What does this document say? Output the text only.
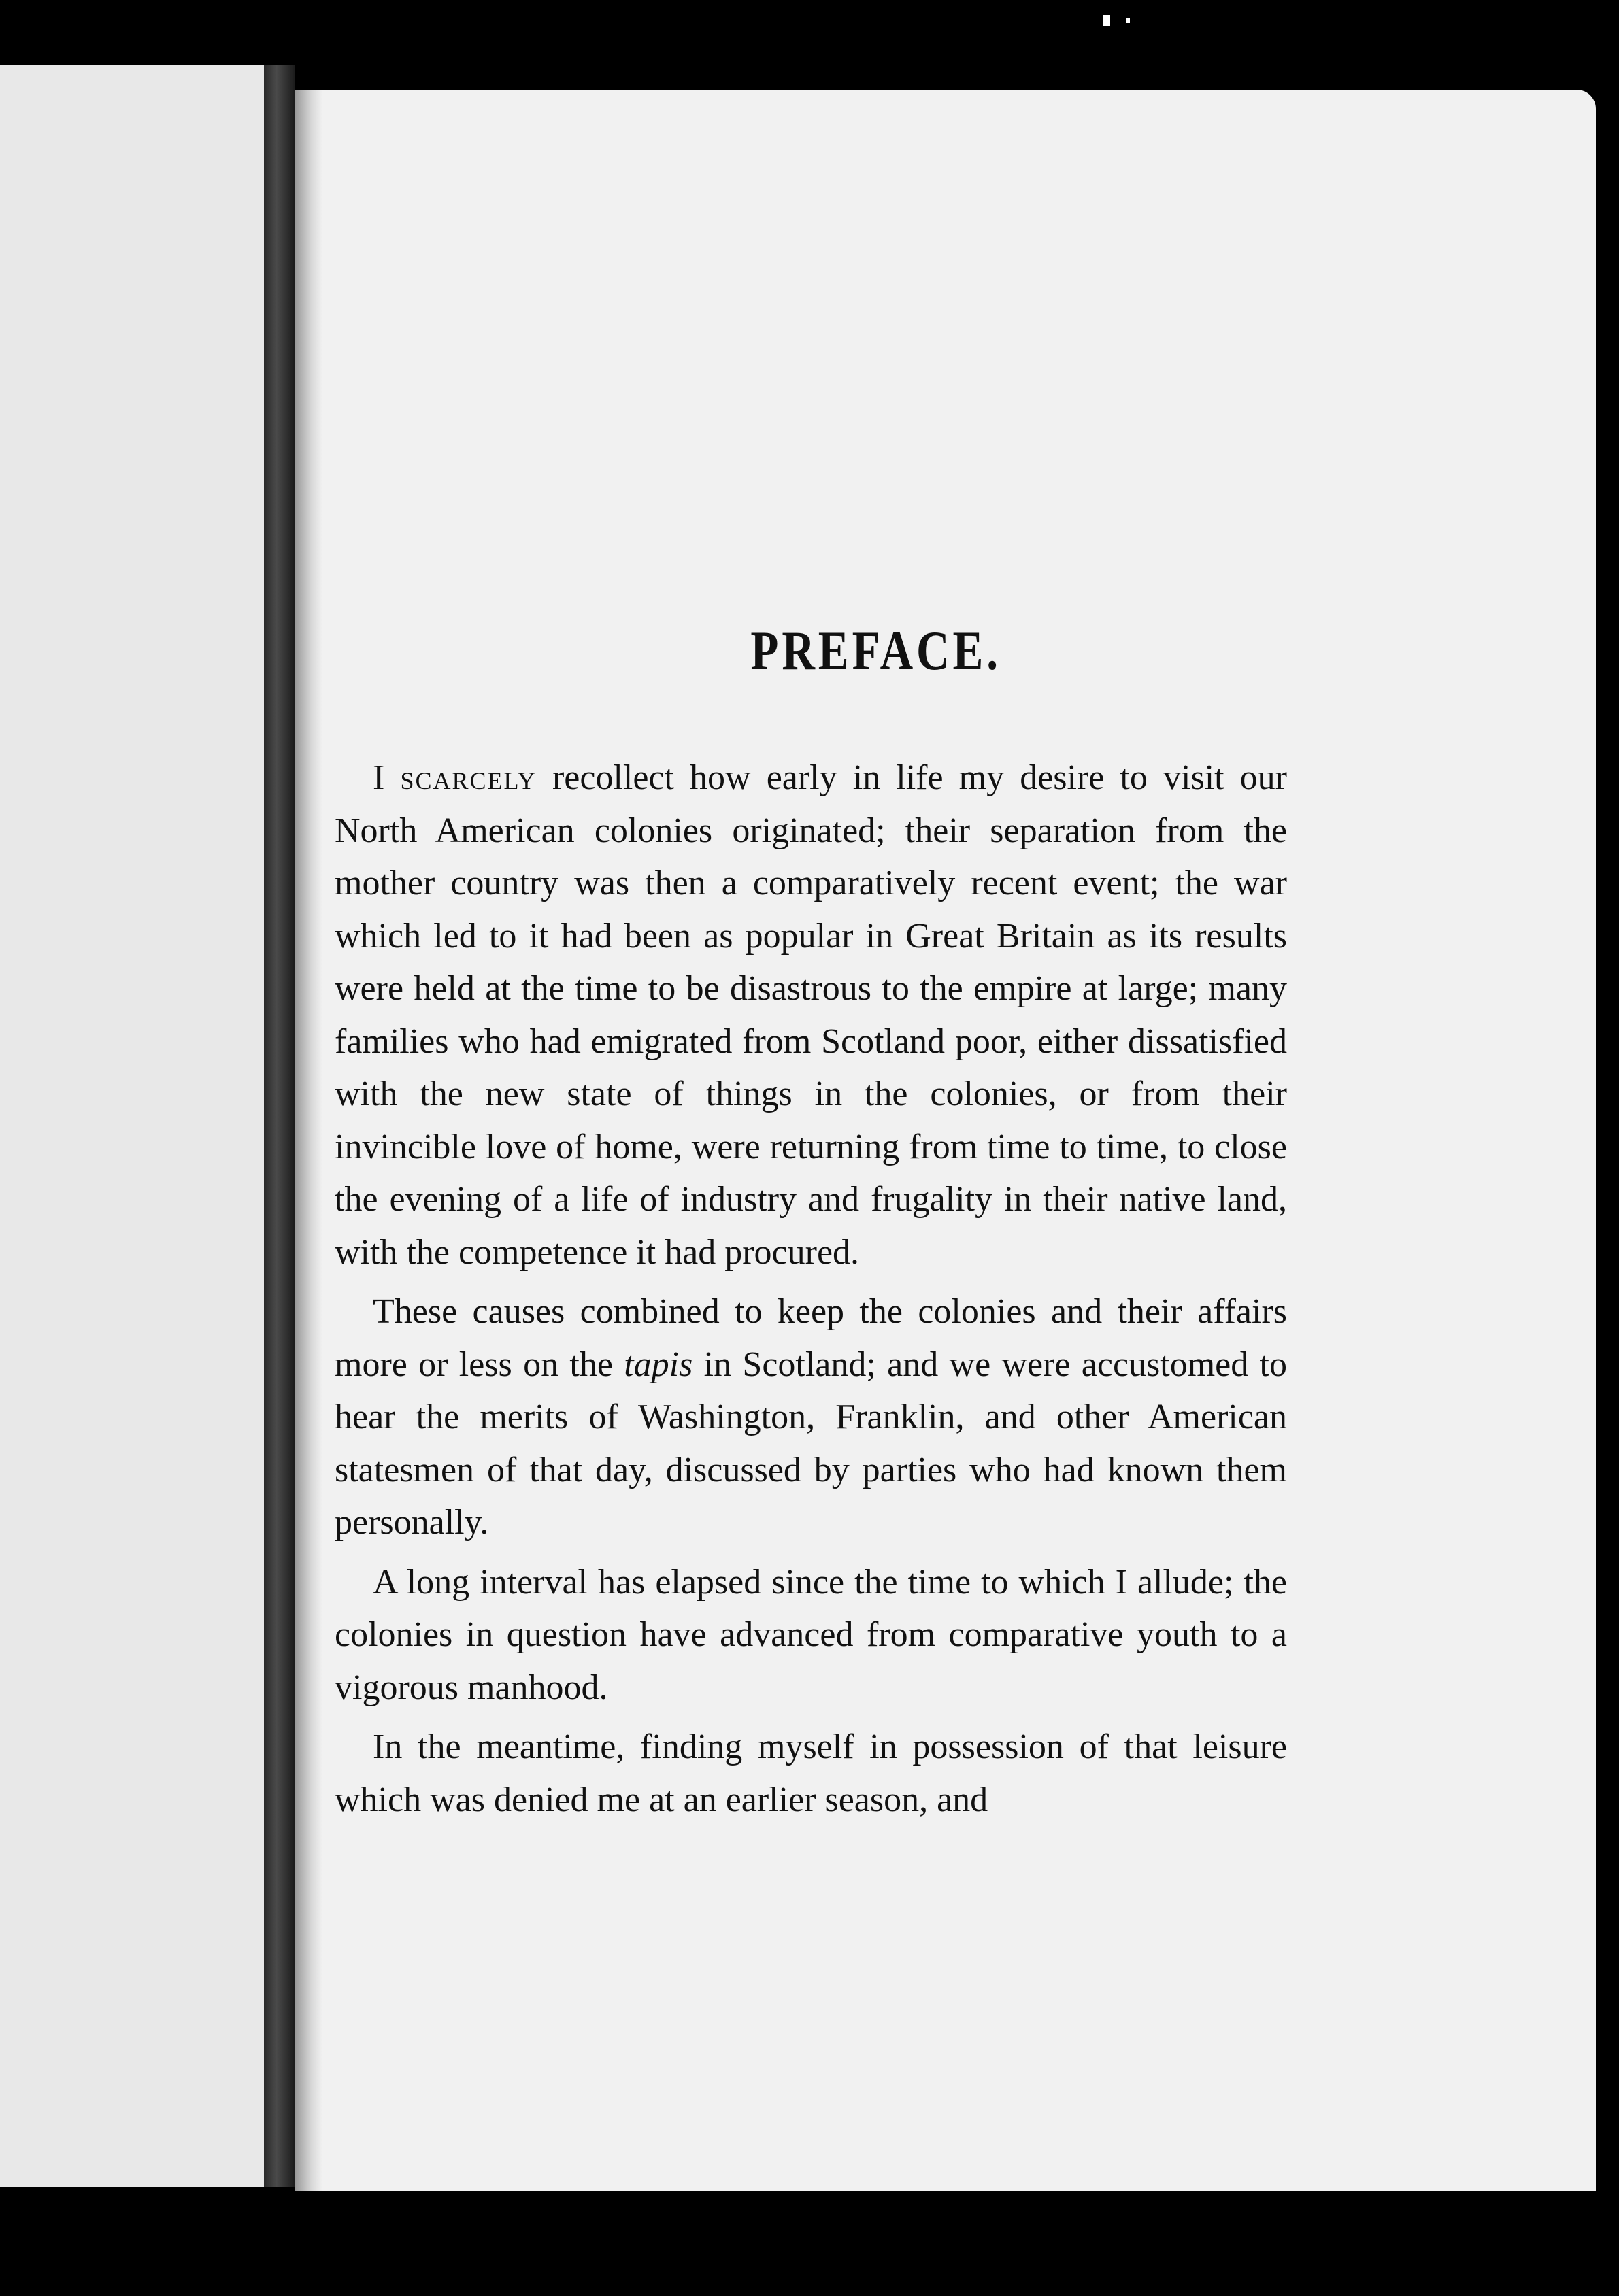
PREFACE.

I scarcely recollect how early in life my desire to visit our North American colonies originated; their separation from the mother country was then a comparatively recent event; the war which led to it had been as popular in Great Britain as its results were held at the time to be disastrous to the empire at large; many families who had emigrated from Scotland poor, either dissatisfied with the new state of things in the colonies, or from their invincible love of home, were returning from time to time, to close the evening of a life of industry and frugality in their native land, with the competence it had procured.

These causes combined to keep the colonies and their affairs more or less on the tapis in Scotland; and we were accustomed to hear the merits of Washington, Franklin, and other American statesmen of that day, discussed by parties who had known them personally.

A long interval has elapsed since the time to which I allude; the colonies in question have advanced from comparative youth to a vigorous manhood.

In the meantime, finding myself in possession of that leisure which was denied me at an earlier season, and
